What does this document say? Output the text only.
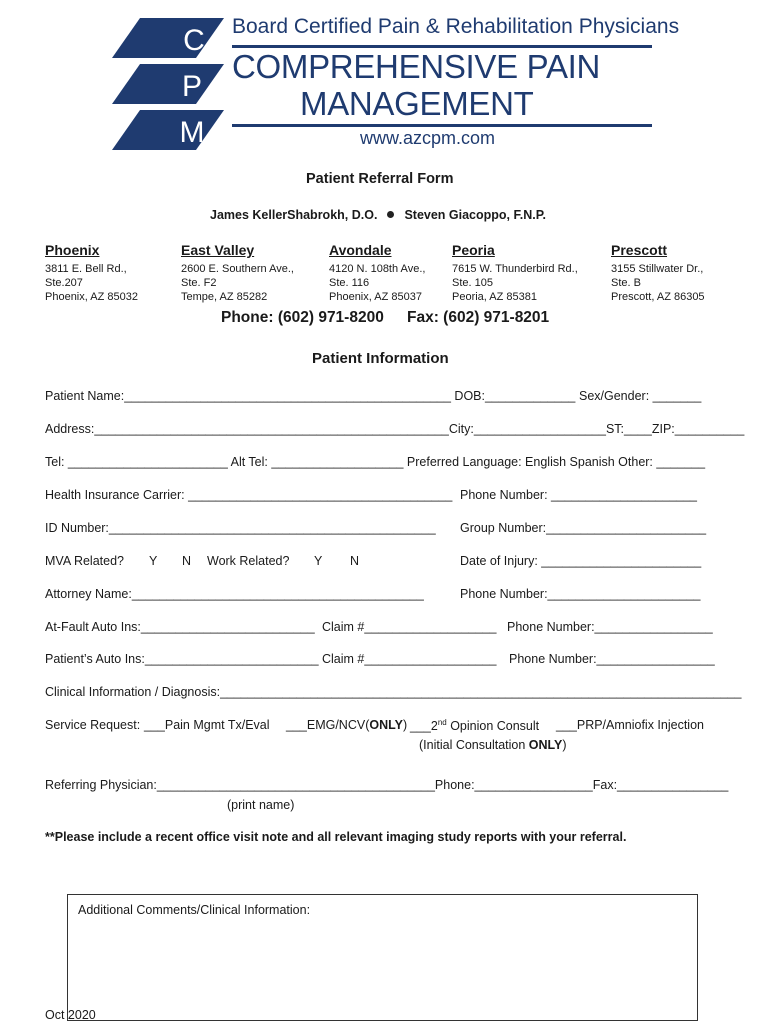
C
P
M
Board Certified Pain & Rehabilitation Physicians
COMPREHENSIVE PAIN
MANAGEMENT
www.azcpm.com
Patient Referral Form
James KellerShabrokh, D.O. Steven Giacoppo, F.N.P.
Phoenix
3811 E. Bell Rd.,
Ste.207
Phoenix, AZ 85032
East Valley
2600 E. Southern Ave.,
Ste. F2
Tempe, AZ 85282
Avondale
4120 N. 108th Ave.,
Ste. 116
Phoenix, AZ 85037
Peoria
7615 W. Thunderbird Rd.,
Ste. 105
Peoria, AZ 85381
Prescott
3155 Stillwater Dr.,
Ste. B
Prescott, AZ 86305
Phone: (602) 971-8200 Fax: (602) 971-8201
Patient Information
Patient Name:_______________________________________________ DOB:_____________ Sex/Gender: _______
Address:___________________________________________________City:___________________ST:____ZIP:__________
Tel: _______________________ Alt Tel: ___________________ Preferred Language: English Spanish Other: _______
Health Insurance Carrier: ______________________________________ Phone Number: _____________________
ID Number:_______________________________________________ Group Number:_______________________
MVA Related? Y N Work Related? Y N	Date of Injury: _______________________
Attorney Name:__________________________________________	Phone Number:______________________
At-Fault Auto Ins:_________________________ Claim #___________________ Phone Number:_________________
Patient’s Auto Ins:_________________________ Claim #___________________ Phone Number:_________________
Clinical Information / Diagnosis:___________________________________________________________________________
Service Request: ___Pain Mgmt Tx/Eval ___EMG/NCV(ONLY) ___2nd Opinion Consult ___PRP/Amniofix Injection
(Initial Consultation ONLY)
Referring Physician:________________________________________Phone:_________________Fax:________________
(print name)
**Please include a recent office visit note and all relevant imaging study reports with your referral.
Additional Comments/Clinical Information:
Oct 2020
